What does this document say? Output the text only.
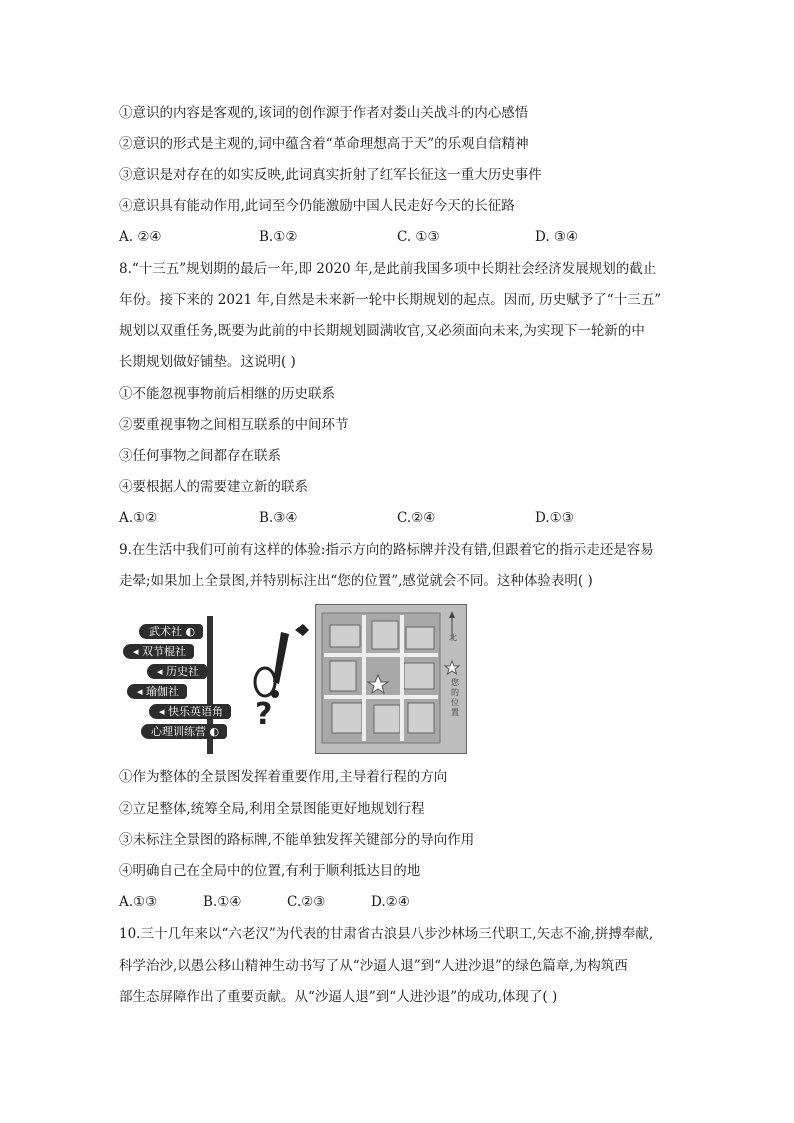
①意识的内容是客观的,该词的创作源于作者对娄山关战斗的内心感悟
②意识的形式是主观的,词中蕴含着“革命理想高于天”的乐观自信精神
③意识是对存在的如实反映,此词真实折射了红军长征这一重大历史事件
④意识具有能动作用,此词至今仍能激励中国人民走好今天的长征路
A. ②④	B.①②	C. ①③	D. ③④
8.“十三五”规划期的最后一年,即 2020 年,是此前我国多项中长期社会经济发展规划的截止
年份。接下来的 2021 年,自然是未来新一轮中长期规划的起点。因而, 历史赋予了“十三五”
规划以双重任务,既要为此前的中长期规划圆满收官,又必须面向未来,为实现下一轮新的中
长期规划做好铺垫。这说明( )
①不能忽视事物前后相继的历史联系
②要重视事物之间相互联系的中间环节
③任何事物之间都存在联系
④要根据人的需要建立新的联系
A.①②	B.③④	C.②④	D.①③
9.在生活中我们可前有这样的体验:指示方向的路标牌并没有错,但跟着它的指示走还是容易
走晕;如果加上全景图,并特别标注出“您的位置”,感觉就会不同。这种体验表明( )
武术社 ◐
◂ 双节棍社
◂ 历史社
◂ 瑜伽社
◂ 快乐英语角
心理训练营 ◐ ?
北
您的位置
①作为整体的全景图发挥着重要作用,主导着行程的方向
②立足整体,统筹全局,利用全景图能更好地规划行程
③未标注全景图的路标牌,不能单独发挥关键部分的导向作用
④明确自己在全局中的位置,有利于顺利抵达目的地
A.①③	B.①④	C.②③	D.②④
10.三十几年来以“六老汉”为代表的甘肃省古浪县八步沙林场三代职工,矢志不渝,拼搏奉献,
科学治沙,以愚公移山精神生动书写了从“沙逼人退”到“人进沙退”的绿色篇章,为构筑西
部生态屏障作出了重要贡献。从“沙逼人退”到“人进沙退”的成功,体现了( )
